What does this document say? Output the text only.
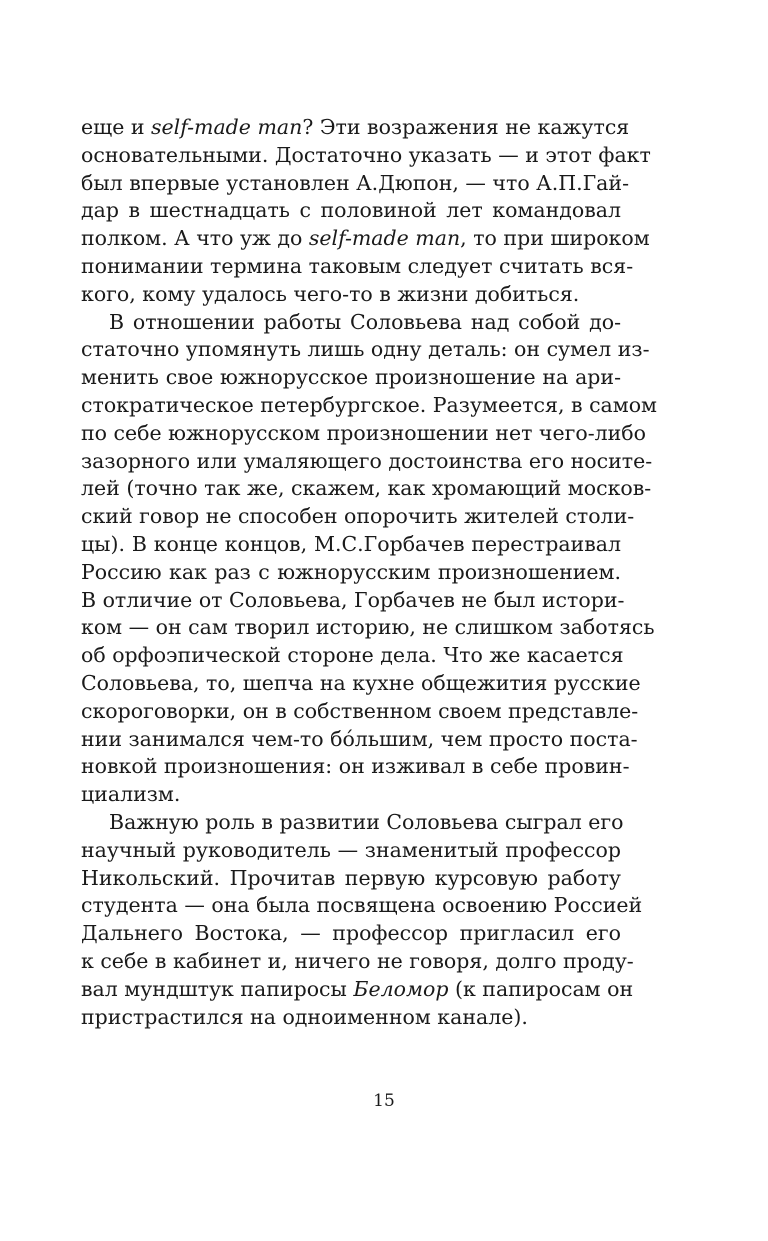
еще и self-made man? Эти возражения не кажутся
основательными. Достаточно указать — и этот факт
был впервые установлен А.Дюпон, — что А.П.Гай-
дар в шестнадцать с половиной лет командовал
полком. А что уж до self-made man, то при широком
понимании термина таковым следует считать вся-
кого, кому удалось чего-то в жизни добиться.
В отношении работы Соловьева над собой до-
статочно упомянуть лишь одну деталь: он сумел из-
менить свое южнорусское произношение на ари-
стократическое петербургское. Разумеется, в самом
по себе южнорусском произношении нет чего-либо
зазорного или умаляющего достоинства его носите-
лей (точно так же, скажем, как хромающий москов-
ский говор не способен опорочить жителей столи-
цы). В конце концов, М.С.Горбачев перестраивал
Россию как раз с южнорусским произношением.
В отличие от Соловьева, Горбачев не был истори-
ком — он сам творил историю, не слишком заботясь
об орфоэпической стороне дела. Что же касается
Соловьева, то, шепча на кухне общежития русские
скороговорки, он в собственном своем представле-
нии занимался чем-то бóльшим, чем просто поста-
новкой произношения: он изживал в себе провин-
циализм.
Важную роль в развитии Соловьева сыграл его
научный руководитель — знаменитый профессор
Никольский. Прочитав первую курсовую работу
студента — она была посвящена освоению Россией
Дальнего Востока, — профессор пригласил его
к себе в кабинет и, ничего не говоря, долго проду-
вал мундштук папиросы Беломор (к папиросам он
пристрастился на одноименном канале).
15
